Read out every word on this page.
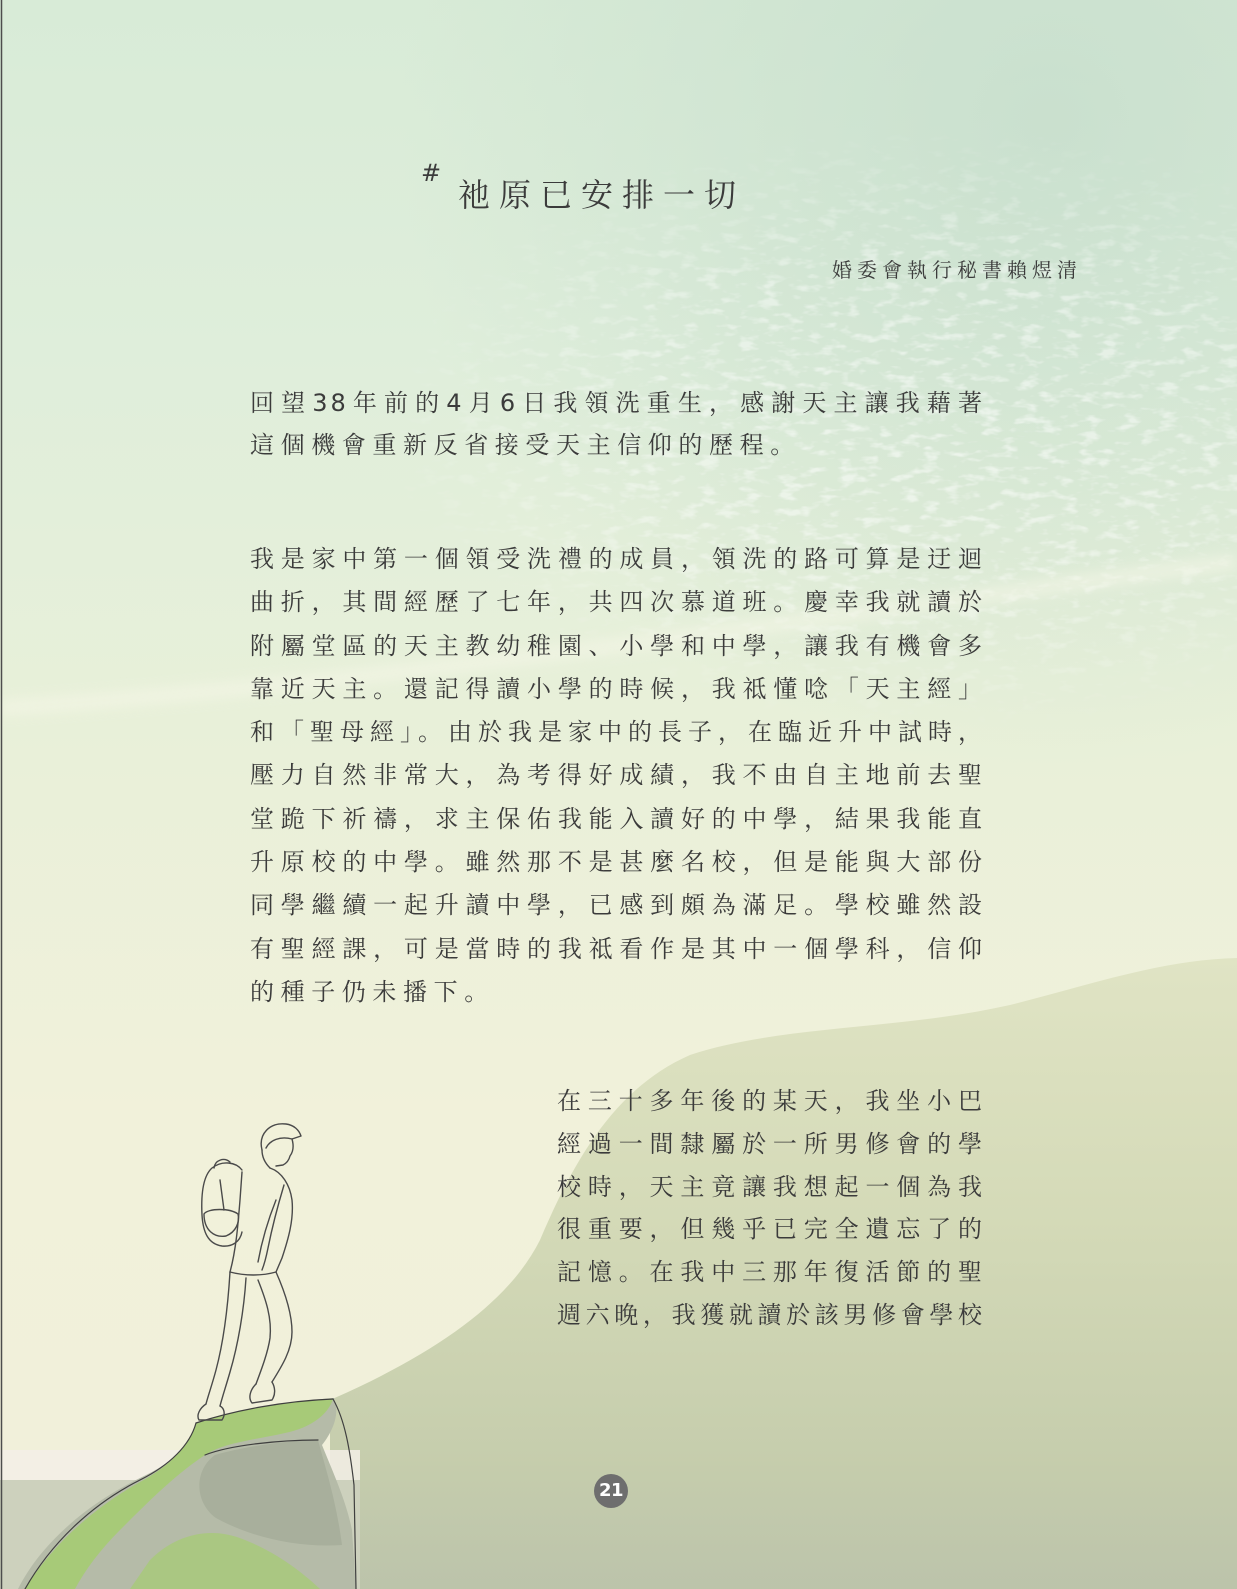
#
祂原已安排一切
婚委會執行秘書賴煜清
回望38年前的4月6日我領洗重生，感謝天主讓我藉著
這個機會重新反省接受天主信仰的歷程。
我是家中第一個領受洗禮的成員，領洗的路可算是迂迴
曲折，其間經歷了七年，共四次慕道班。慶幸我就讀於
附屬堂區的天主教幼稚園、小學和中學，讓我有機會多
靠近天主。還記得讀小學的時候，我祗懂唸「天主經」
和「聖母經」。由於我是家中的長子，在臨近升中試時，
壓力自然非常大，為考得好成績，我不由自主地前去聖
堂跪下祈禱，求主保佑我能入讀好的中學，結果我能直
升原校的中學。雖然那不是甚麼名校，但是能與大部份
同學繼續一起升讀中學，已感到頗為滿足。學校雖然設
有聖經課，可是當時的我祗看作是其中一個學科，信仰
的種子仍未播下。
在三十多年後的某天，我坐小巴
經過一間隸屬於一所男修會的學
校時，天主竟讓我想起一個為我
很重要，但幾乎已完全遺忘了的
記憶。在我中三那年復活節的聖
週六晚，我獲就讀於該男修會學校
21
